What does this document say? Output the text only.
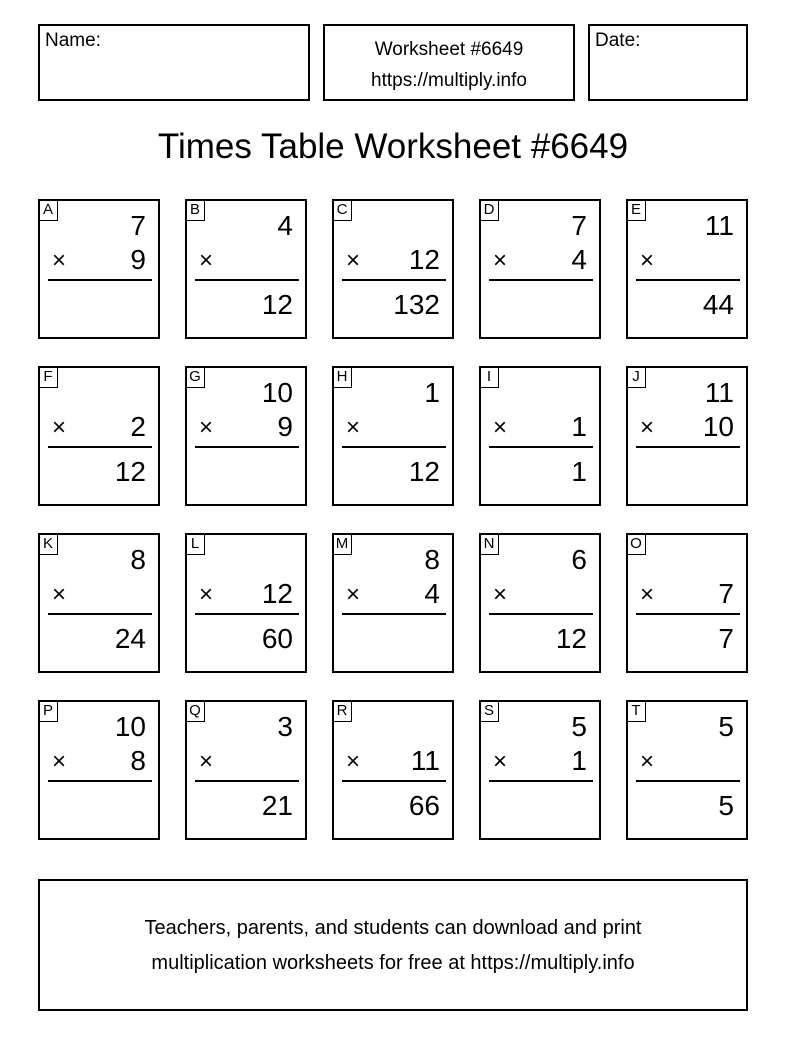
Name:	Worksheet #6649
https://multiply.info
Date:
Times Table Worksheet #6649
A
7
× 9
B
4
×
12
C
× 12
132
D
7
× 4
E
11
×
44
F
× 2
12
G
10
× 9
H
1
×
12
I
× 1
1
J
11
× 10
K
8
×
24
L
× 12
60
M
8
× 4
N
6
×
12
O
× 7
7
P
10
× 8
Q
3
×
21
R
× 11
66
S
5
× 1
T
5
×
5
Teachers, parents, and students can download and print
multiplication worksheets for free at https://multiply.info
